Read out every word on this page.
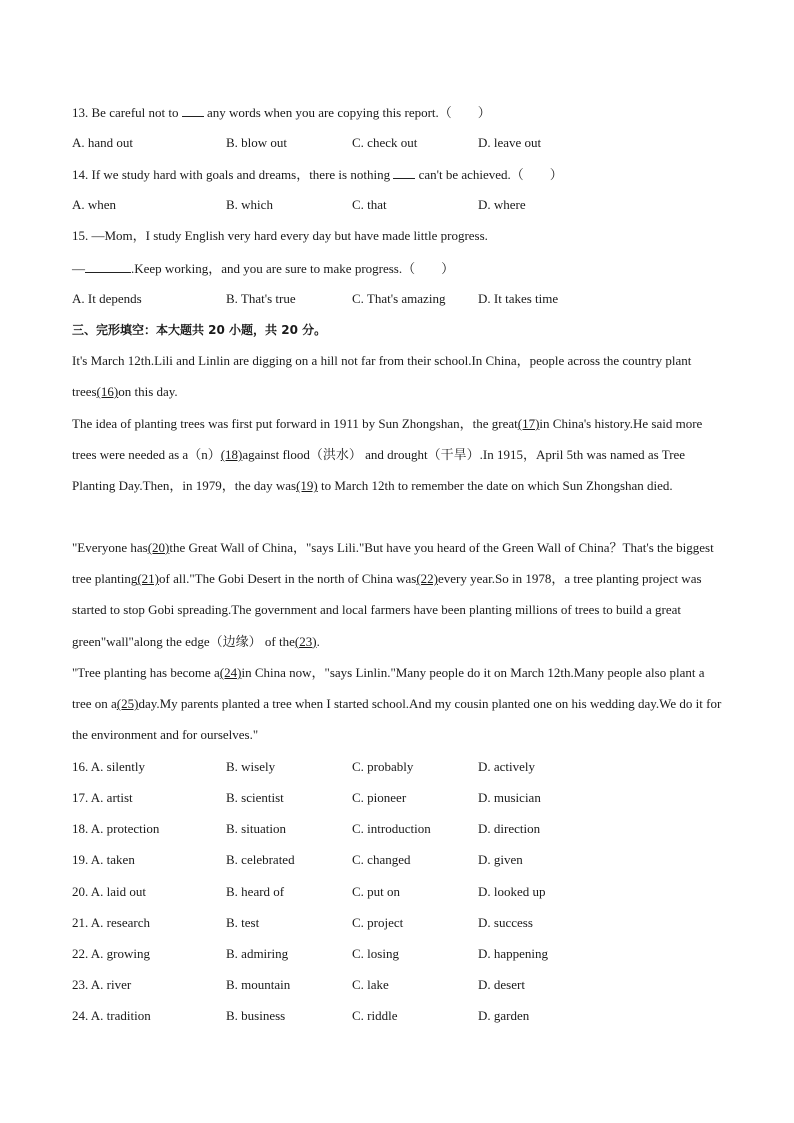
13. Be careful not to  any words when you are copying this report.（　　）
A. hand out	B. blow out	C. check out	D. leave out
14. If we study hard with goals and dreams，there is nothing  can't be achieved.（　　）
A. when	B. which	C. that	D. where
15. —Mom，I study English very hard every day but have made little progress.
—	.Keep working，and you are sure to make progress.（　　）
A. It depends	B. That's true	C. That's amazing	D. It takes time
三、完形填空：本大题共 20 小题，共 20 分。
It's March 12th.Lili and Linlin are digging on a hill not far from their school.In China，people across the country plant trees(16)on this day.
The idea of planting trees was first put forward in 1911 by Sun Zhongshan，the great(17)in China's history.He said more trees were needed as a（n）(18)against flood（洪水） and drought（干旱）.In 1915，April 5th was named as Tree Planting Day.Then，in 1979，the day was(19) to March 12th to remember the date on which Sun Zhongshan died.
"Everyone has(20)the Great Wall of China，"says Lili."But have you heard of the Green Wall of China？That's the biggest tree planting(21)of all."The Gobi Desert in the north of China was(22)every year.So in 1978，a tree planting project was started to stop Gobi spreading.The government and local farmers have been planting millions of trees to build a great green"wall"along the edge（边缘） of the(23).
"Tree planting has become a(24)in China now，"says Linlin."Many people do it on March 12th.Many people also plant a tree on a(25)day.My parents planted a tree when I started school.And my cousin planted one on his wedding day.We do it for the environment and for ourselves."
16. A. silently	B. wisely	C. probably	D. actively
17. A. artist	B. scientist	C. pioneer	D. musician
18. A. protection	B. situation	C. introduction	D. direction
19. A. taken	B. celebrated	C. changed	D. given
20. A. laid out	B. heard of	C. put on	D. looked up
21. A. research	B. test	C. project	D. success
22. A. growing	B. admiring	C. losing	D. happening
23. A. river	B. mountain	C. lake	D. desert
24. A. tradition	B. business	C. riddle	D. garden
